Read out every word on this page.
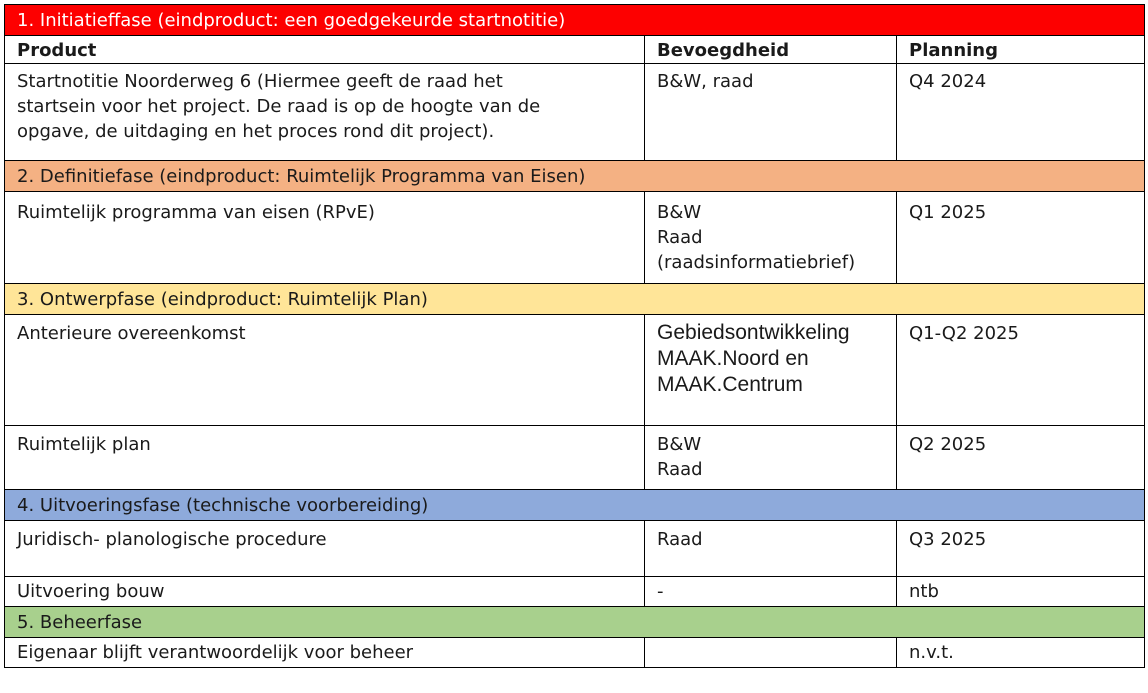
1. Initiatieffase (eindproduct: een goedgekeurde startnotitie)		
Product	Bevoegdheid	Planning

Startnotitie Noorderweg 6 (Hiermee geeft de raad het
startsein voor het project. De raad is op de hoogte van de
opgave, de uitdaging en het proces rond dit project).	B&W, raad	Q4 2024
2. Definitiefase (eindproduct: Ruimtelijk Programma van Eisen)		
Ruimtelijk programma van eisen (RPvE)	B&W
Raad
(raadsinformatiebrief)	Q1 2025
3. Ontwerpfase (eindproduct: Ruimtelijk Plan)		
Anterieure overeenkomst	Gebiedsontwikkeling
MAAK.Noord en
MAAK.Centrum	Q1-Q2 2025
Ruimtelijk plan	B&W
Raad	Q2 2025
4. Uitvoeringsfase (technische voorbereiding)		
Juridisch- planologische procedure	Raad	Q3 2025
Uitvoering bouw	-	ntb
5. Beheerfase		
Eigenaar blijft verantwoordelijk voor beheer		n.v.t.
